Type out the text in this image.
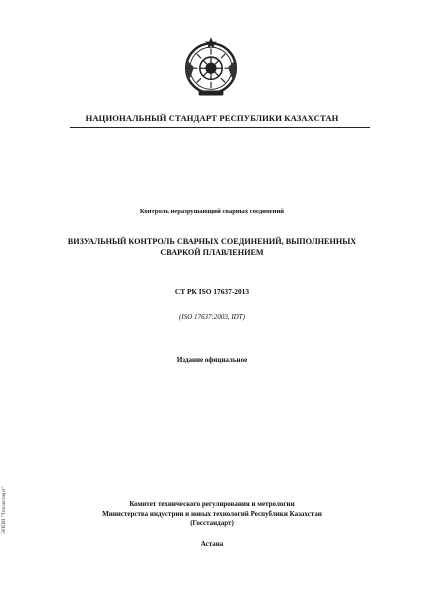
НАЦИОНАЛЬНЫЙ СТАНДАРТ РЕСПУБЛИКИ КАЗАХСТАН
Контроль неразрушающий сварных соединений
ВИЗУАЛЬНЫЙ КОНТРОЛЬ СВАРНЫХ СОЕДИНЕНИЙ, ВЫПОЛНЕННЫХ
СВАРКОЙ ПЛАВЛЕНИЕМ
СТ РК ISO 17637-2013
(ISO 17637:2003, IDT)
Издание официальное
Комитет технического регулирования и метрологии
Министерства индустрии и новых технологий Республики Казахстан
(Госстандарт)
Астана
ЭЛПИ "Техэксперт"
